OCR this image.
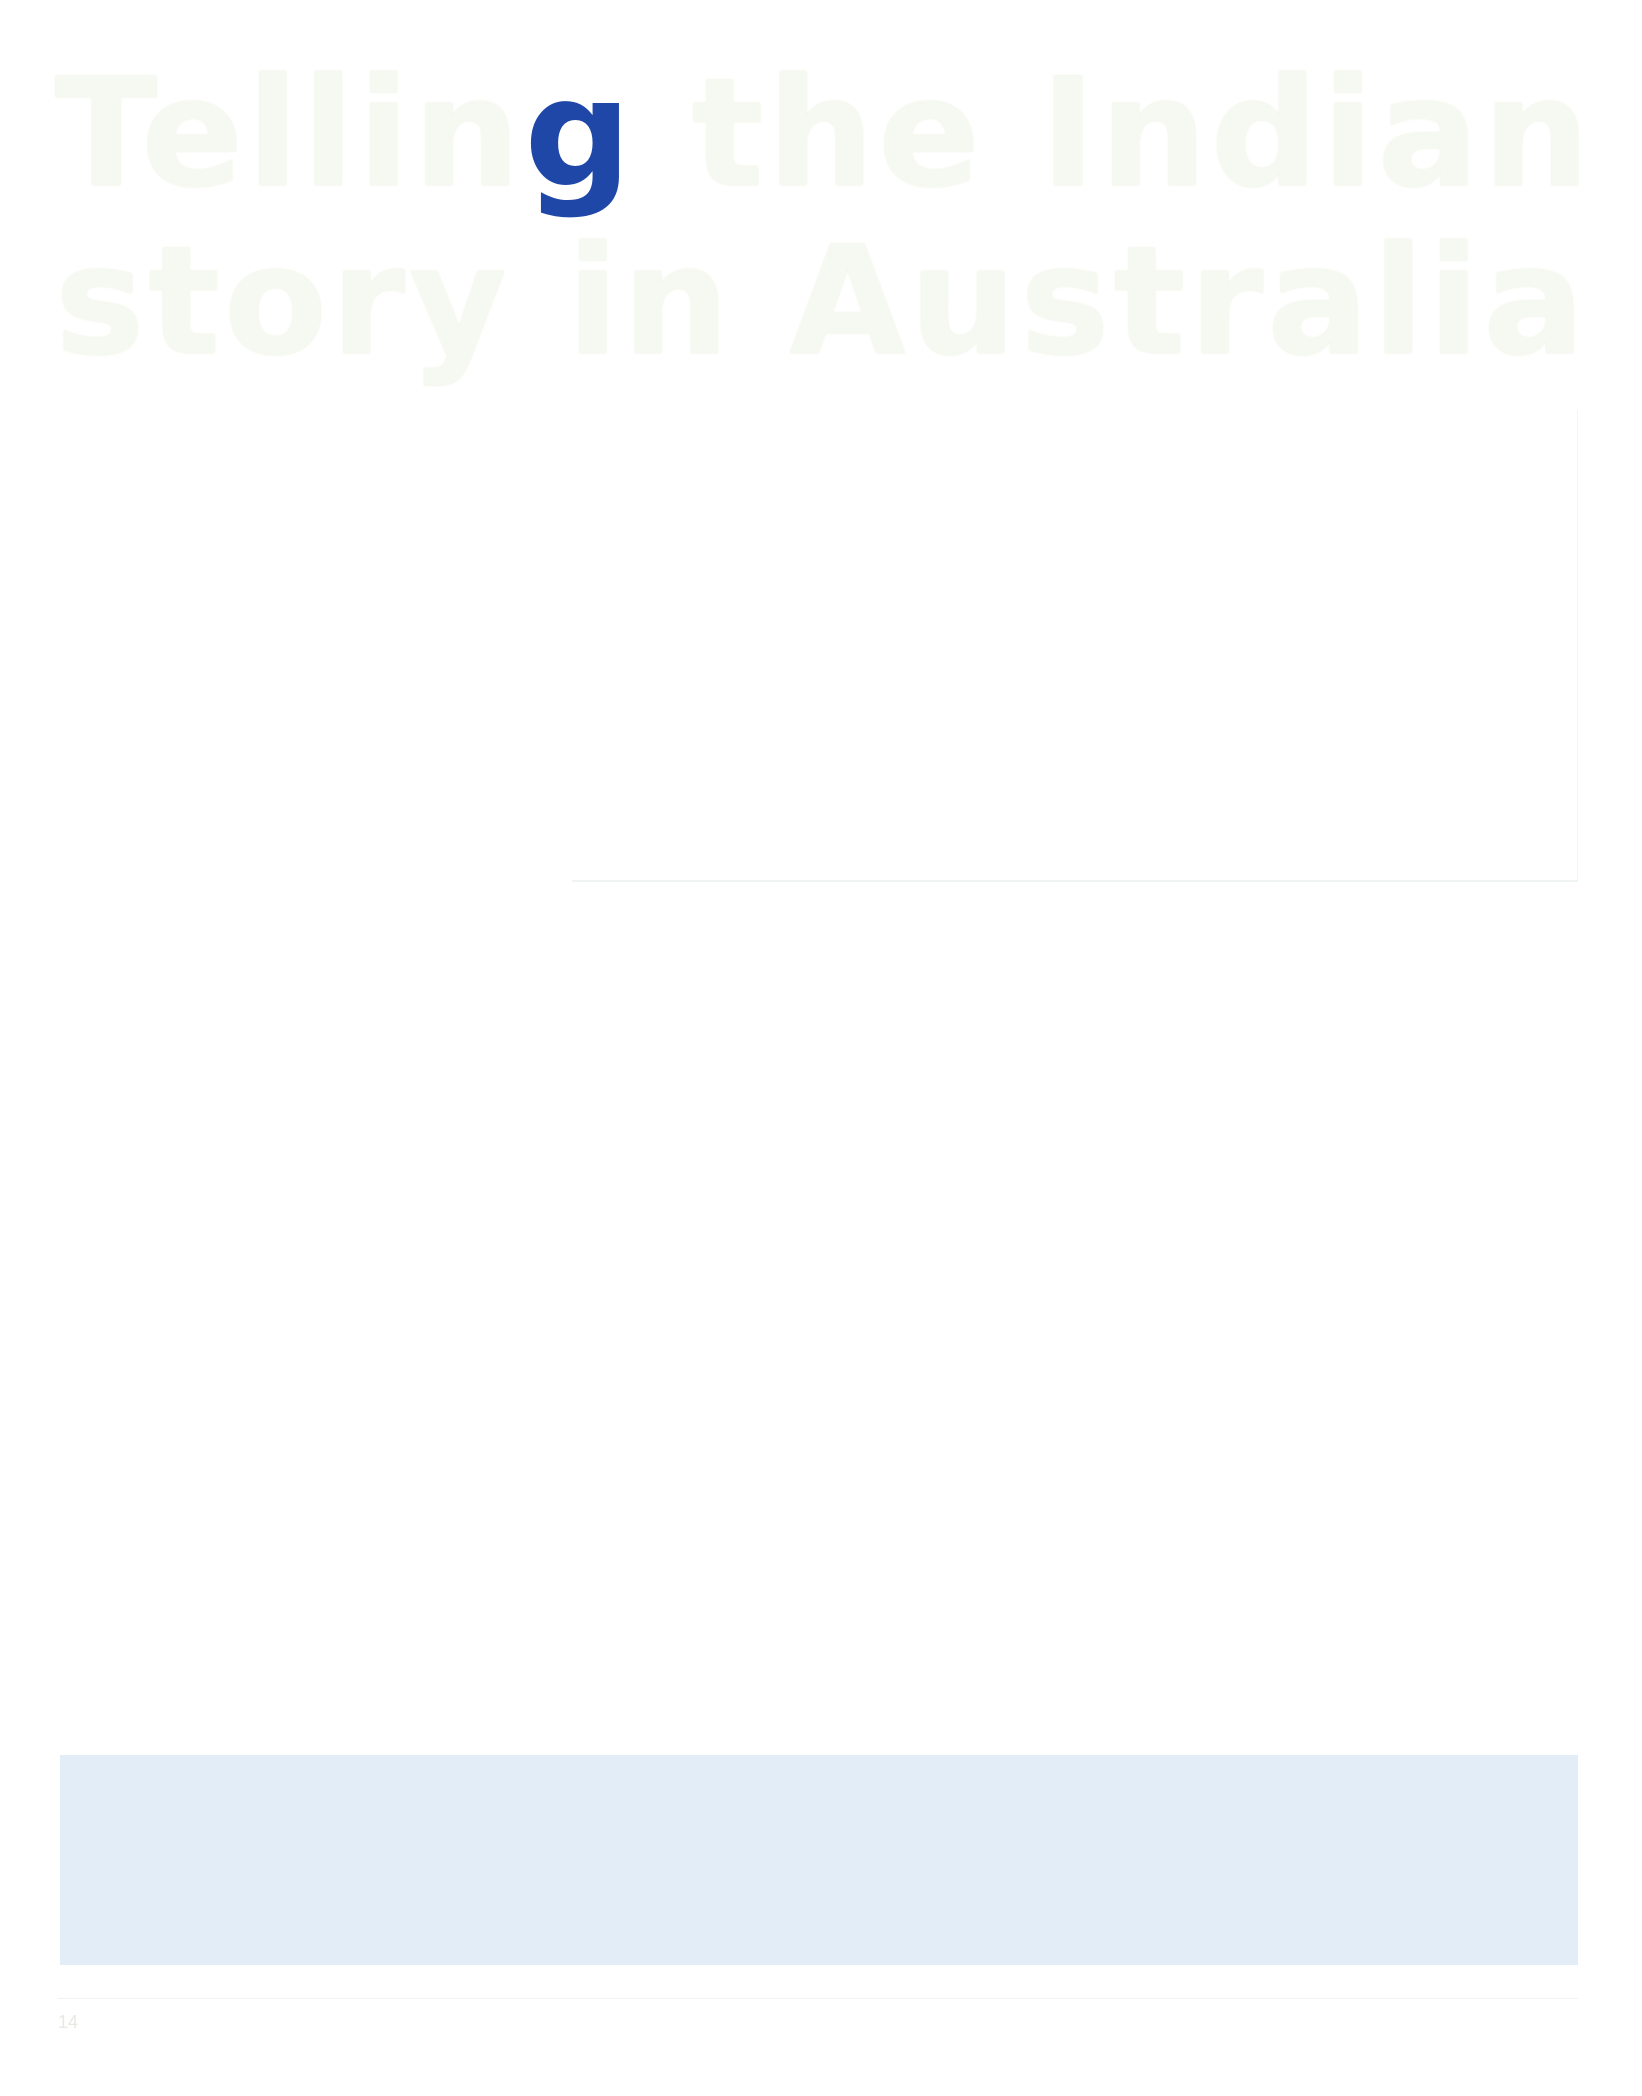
Telling the Indian story in Australia
14
